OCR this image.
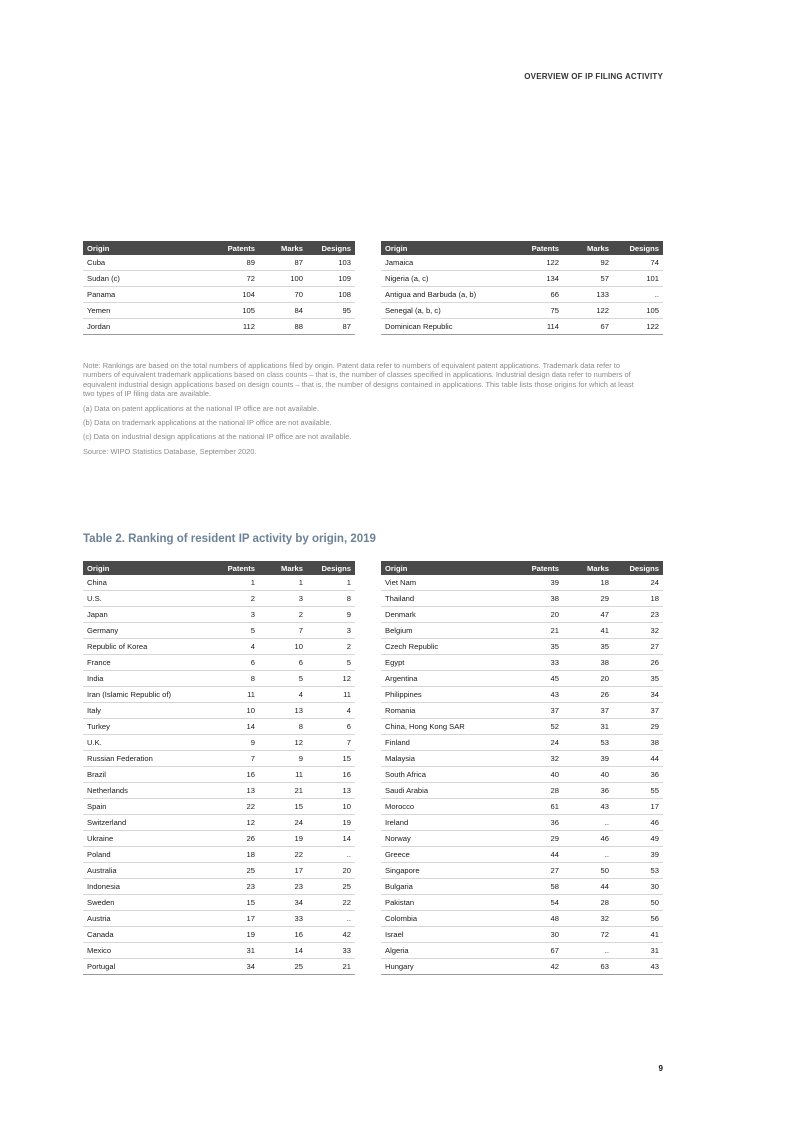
OVERVIEW OF IP FILING ACTIVITY
Origin	Patents	Marks	Designs
Cuba	89	87	103
Sudan (c)	72	100	109
Panama	104	70	108
Yemen	105	84	95
Jordan	112	88	87
Origin	Patents	Marks	Designs
Jamaica	122	92	74
Nigeria (a, c)	134	57	101
Antigua and Barbuda (a, b)	66	133	..
Senegal (a, b, c)	75	122	105
Dominican Republic	114	67	122

Note: Rankings are based on the total numbers of applications filed by origin. Patent data refer to numbers of equivalent patent applications. Trademark data refer to numbers of equivalent trademark applications based on class counts – that is, the number of classes specified in applications. Industrial design data refer to numbers of equivalent industrial design applications based on design counts – that is, the number of designs contained in applications. This table lists those origins for which at least two types of IP filing data are available.

(a) Data on patent applications at the national IP office are not available.

(b) Data on trademark applications at the national IP office are not available.

(c) Data on industrial design applications at the national IP office are not available.

Source: WIPO Statistics Database, September 2020.

Table 2. Ranking of resident IP activity by origin, 2019
Origin	Patents	Marks	Designs
China	1	1	1
U.S.	2	3	8
Japan	3	2	9
Germany	5	7	3
Republic of Korea	4	10	2
France	6	6	5
India	8	5	12
Iran (Islamic Republic of)	11	4	11
Italy	10	13	4
Turkey	14	8	6
U.K.	9	12	7
Russian Federation	7	9	15
Brazil	16	11	16
Netherlands	13	21	13
Spain	22	15	10
Switzerland	12	24	19
Ukraine	26	19	14
Poland	18	22	..
Australia	25	17	20
Indonesia	23	23	25
Sweden	15	34	22
Austria	17	33	..
Canada	19	16	42
Mexico	31	14	33
Portugal	34	25	21
Origin	Patents	Marks	Designs
Viet Nam	39	18	24
Thailand	38	29	18
Denmark	20	47	23
Belgium	21	41	32
Czech Republic	35	35	27
Egypt	33	38	26
Argentina	45	20	35
Philippines	43	26	34
Romania	37	37	37
China, Hong Kong SAR	52	31	29
Finland	24	53	38
Malaysia	32	39	44
South Africa	40	40	36
Saudi Arabia	28	36	55
Morocco	61	43	17
Ireland	36	..	46
Norway	29	46	49
Greece	44	..	39
Singapore	27	50	53
Bulgaria	58	44	30
Pakistan	54	28	50
Colombia	48	32	56
Israel	30	72	41
Algeria	67	..	31
Hungary	42	63	43
9
